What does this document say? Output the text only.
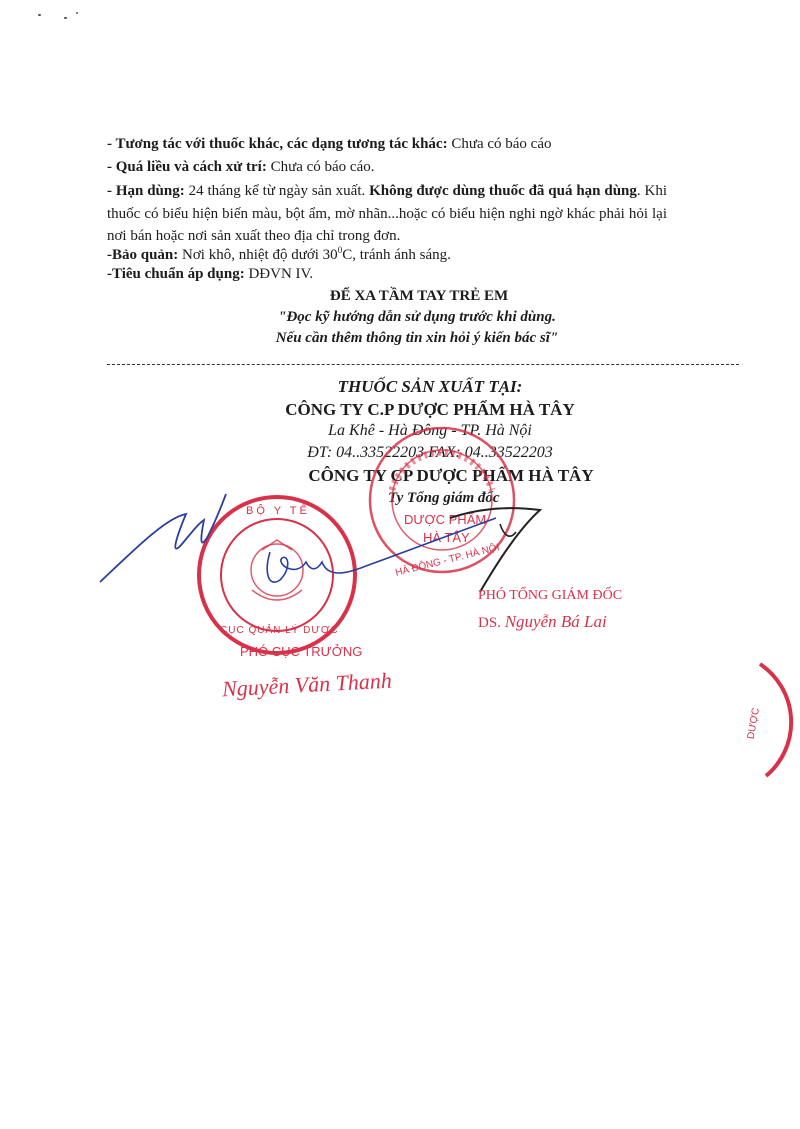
- Tương tác với thuốc khác, các dạng tương tác khác: Chưa có báo cáo
- Quá liều và cách xử trí: Chưa có báo cáo.
- Hạn dùng: 24 tháng kể từ ngày sản xuất. Không được dùng thuốc đã quá hạn dùng. Khi thuốc có biểu hiện biến màu, bột ẩm, mờ nhãn...hoặc có biểu hiện nghi ngờ khác phải hỏi lại nơi bán hoặc nơi sản xuất theo địa chỉ trong đơn.
-Bảo quản: Nơi khô, nhiệt độ dưới $30^0C$, tránh ánh sáng.
-Tiêu chuẩn áp dụng: DĐVN IV.
ĐỂ XA TẦM TAY TRẺ EM
"Đọc kỹ hướng dẫn sử dụng trước khi dùng.
Nếu cần thêm thông tin xin hỏi ý kiến bác sĩ"
THUỐC SẢN XUẤT TẠI:
CÔNG TY C.P DƯỢC PHẨM HÀ TÂY
La Khê - Hà Đông - TP. Hà Nội
ĐT: 04..33522203 FAX: 04..33522203
CÔNG TY CP DƯỢC PHẨM HÀ TÂY
Ty Tổng giám đốc
DƯỢC PHẨM
HÀ TÂY
HÀ ĐÔNG - TP. HÀ NỘI
PHÓ TỔNG GIÁM ĐỐC
DS. Nguyễn Bá Lai
BỘ Y TẾ
CỤC QUẢN LÝ DƯỢC
PHÓ CỤC TRƯỞNG
Nguyễn Văn Thanh
DƯỢC
